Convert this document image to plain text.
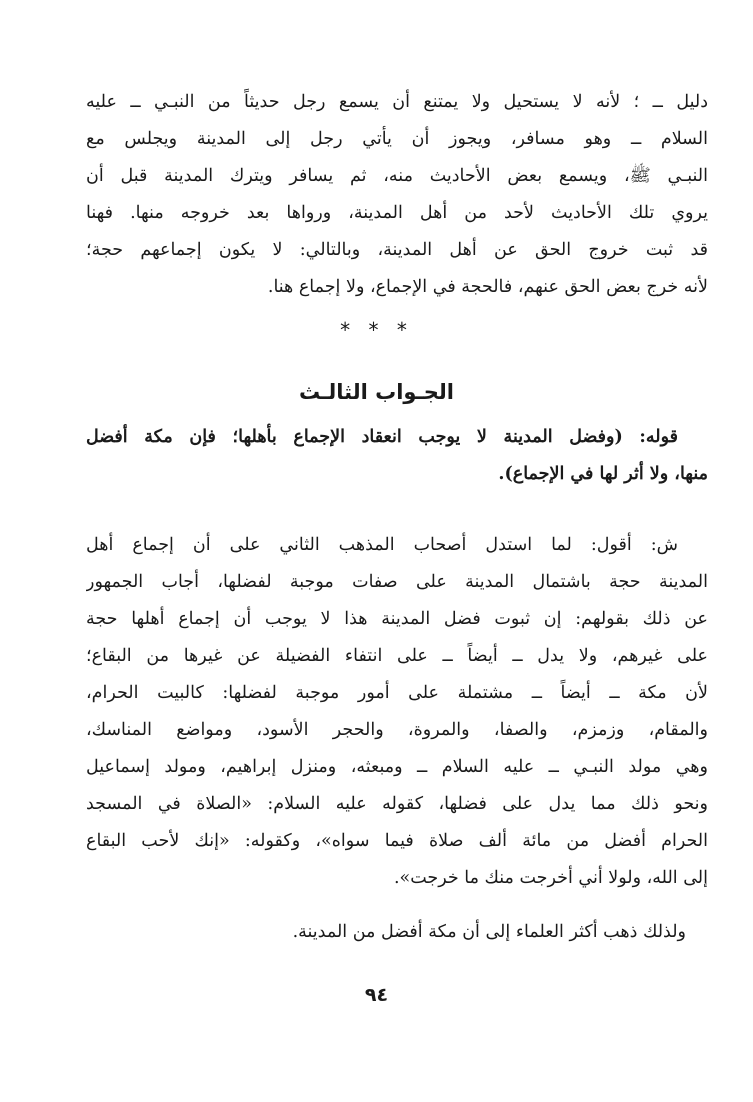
دليل ــ ؛ لأنه لا يستحيل ولا يمتنع أن يسمع رجل حديثاً من النبـي ــ عليه
السلام ــ وهو مسافر، ويجوز أن يأتي رجل إلى المدينة ويجلس مع
النبـي ﷺ، ويسمع بعض الأحاديث منه، ثم يسافر ويترك المدينة قبل أن
يروي تلك الأحاديث لأحد من أهل المدينة، ورواها بعد خروجه منها. فهنا
قد ثبت خروج الحق عن أهل المدينة، وبالتالي: لا يكون إجماعهم حجة؛
لأنه خرج بعض الحق عنهم، فالحجة في الإجماع، ولا إجماع هنا.
* * *
الجـواب الثالـث
قوله: (وفضل المدينة لا يوجب انعقاد الإجماع بأهلها؛ فإن مكة أفضل
منها، ولا أثر لها في الإجماع).
ش: أقول: لما استدل أصحاب المذهب الثاني على أن إجماع أهل
المدينة حجة باشتمال المدينة على صفات موجبة لفضلها، أجاب الجمهور
عن ذلك بقولهم: إن ثبوت فضل المدينة هذا لا يوجب أن إجماع أهلها حجة
على غيرهم، ولا يدل ــ أيضاً ــ على انتفاء الفضيلة عن غيرها من البقاع؛
لأن مكة ــ أيضاً ــ مشتملة على أمور موجبة لفضلها: كالبيت الحرام،
والمقام، وزمزم، والصفا، والمروة، والحجر الأسود، ومواضع المناسك،
وهي مولد النبـي ــ عليه السلام ــ ومبعثه، ومنزل إبراهيم، ومولد إسماعيل
ونحو ذلك مما يدل على فضلها، كقوله عليه السلام: «الصلاة في المسجد
الحرام أفضل من مائة ألف صلاة فيما سواه»، وكقوله: «إنك لأحب البقاع
إلى الله، ولولا أني أخرجت منك ما خرجت».
ولذلك ذهب أكثر العلماء إلى أن مكة أفضل من المدينة.
٩٤
